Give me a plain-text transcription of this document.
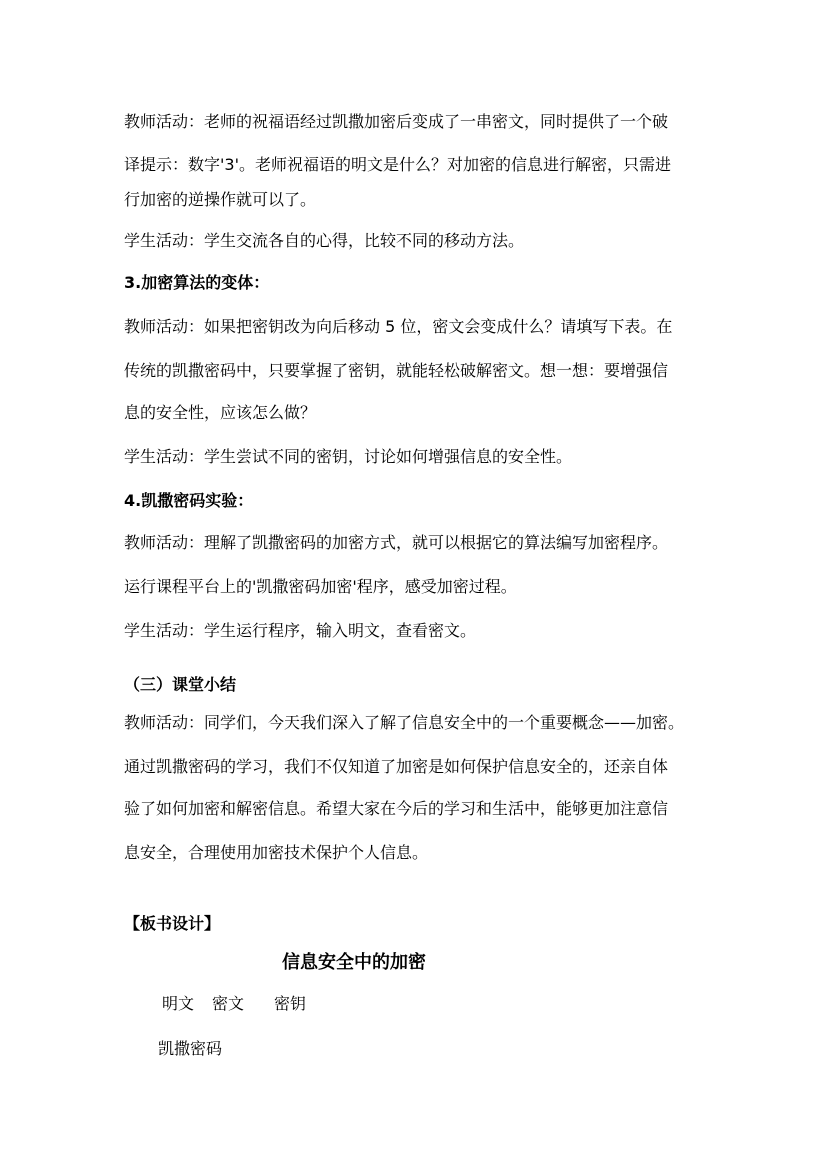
教师活动：老师的祝福语经过凯撒加密后变成了一串密文，同时提供了一个破
译提示：数字'3'。老师祝福语的明文是什么？对加密的信息进行解密，只需进
行加密的逆操作就可以了。
学生活动：学生交流各自的心得，比较不同的移动方法。
3.加密算法的变体：
教师活动：如果把密钥改为向后移动 5 位，密文会变成什么？请填写下表。在
传统的凯撒密码中，只要掌握了密钥，就能轻松破解密文。想一想：要增强信
息的安全性，应该怎么做？
学生活动：学生尝试不同的密钥，讨论如何增强信息的安全性。
4.凯撒密码实验：
教师活动：理解了凯撒密码的加密方式，就可以根据它的算法编写加密程序。
运行课程平台上的'凯撒密码加密'程序，感受加密过程。
学生活动：学生运行程序，输入明文，查看密文。
（三）课堂小结
教师活动：同学们，今天我们深入了解了信息安全中的一个重要概念——加密。
通过凯撒密码的学习，我们不仅知道了加密是如何保护信息安全的，还亲自体
验了如何加密和解密信息。希望大家在今后的学习和生活中，能够更加注意信
息安全，合理使用加密技术保护个人信息。
【板书设计】
信息安全中的加密
明文 密文 密钥
凯撒密码
